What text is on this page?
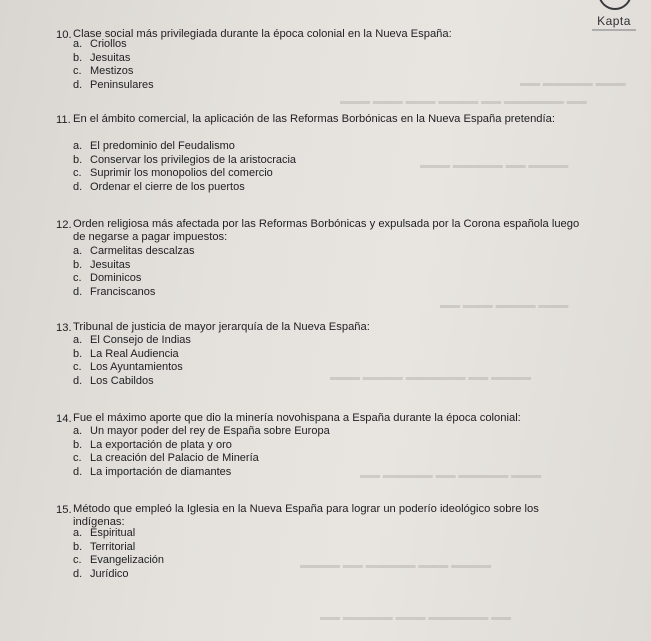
▬▬▬ ▬▬▬▬▬ ▬▬
▬▬ ▬▬▬▬▬▬ ▬▬ ▬▬▬▬ ▬▬▬ ▬▬▬ ▬▬▬
▬▬▬▬ ▬▬ ▬▬▬▬▬ ▬▬▬
▬▬▬ ▬▬▬▬ ▬▬▬ ▬▬
▬▬▬▬ ▬▬ ▬▬▬▬▬▬ ▬▬▬▬ ▬▬▬
▬▬▬ ▬▬▬▬▬ ▬▬ ▬▬▬▬▬ ▬▬
▬▬▬▬ ▬▬▬ ▬▬▬▬▬ ▬▬ ▬▬▬▬
▬▬ ▬▬▬▬▬▬ ▬▬▬ ▬▬▬▬▬ ▬▬
Kapta
10. Clase social más privilegiada durante la época colonial en la Nueva España:
a. Criollos
b. Jesuitas
c. Mestizos
d. Peninsulares
11. En el ámbito comercial, la aplicación de las Reformas Borbónicas en la Nueva España pretendía:
a. El predominio del Feudalismo
b. Conservar los privilegios de la aristocracia
c. Suprimir los monopolios del comercio
d. Ordenar el cierre de los puertos
12. Orden religiosa más afectada por las Reformas Borbónicas y expulsada por la Corona española luego de negarse a pagar impuestos:
a. Carmelitas descalzas
b. Jesuitas
c. Dominicos
d. Franciscanos
13. Tribunal de justicia de mayor jerarquía de la Nueva España:
a. El Consejo de Indias
b. La Real Audiencia
c. Los Ayuntamientos
d. Los Cabildos
14. Fue el máximo aporte que dio la minería novohispana a España durante la época colonial:
a. Un mayor poder del rey de España sobre Europa
b. La exportación de plata y oro
c. La creación del Palacio de Minería
d. La importación de diamantes
15. Método que empleó la Iglesia en la Nueva España para lograr un poderío ideológico sobre los indígenas:
a. Espiritual
b. Territorial
c. Evangelización
d. Jurídico
